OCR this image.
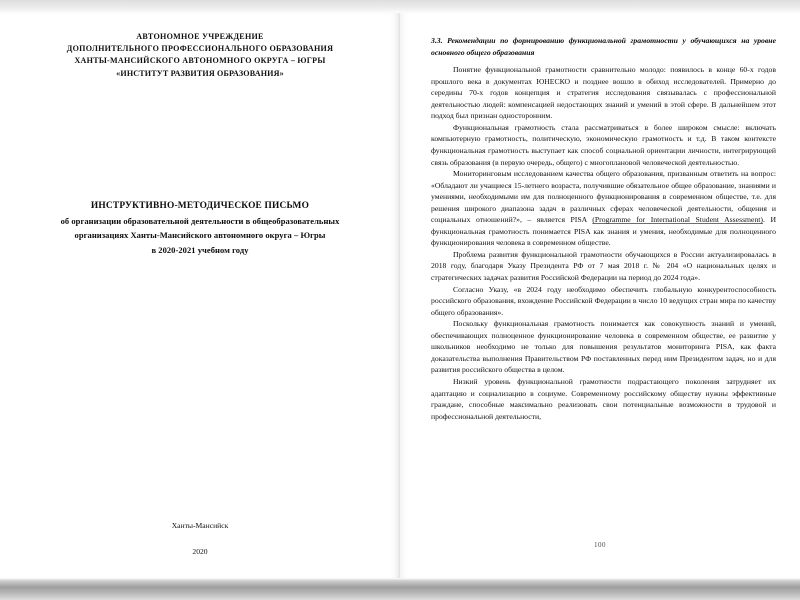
АВТОНОМНОЕ УЧРЕЖДЕНИЕ
ДОПОЛНИТЕЛЬНОГО ПРОФЕССИОНАЛЬНОГО ОБРАЗОВАНИЯ
ХАНТЫ-МАНСИЙСКОГО АВТОНОМНОГО ОКРУГА – ЮГРЫ
«ИНСТИТУТ РАЗВИТИЯ ОБРАЗОВАНИЯ»
ИНСТРУКТИВНО-МЕТОДИЧЕСКОЕ ПИСЬМО
об организации образовательной деятельности в общеобразовательных
организациях Ханты-Мансийского автономного округа – Югры
в 2020-2021 учебном году
Ханты-Мансийск
2020

3.3. Рекомендации по формированию функциональной грамотности у обучающихся на уровне основного общего образования

Понятие функциональной грамотности сравнительно молодо: появилось в конце 60-х годов прошлого века в документах ЮНЕСКО и позднее вошло в обиход исследователей. Примерно до середины 70-х годов концепция и стратегия исследования связывалась с профессиональной деятельностью людей: компенсацией недостающих знаний и умений в этой сфере. В дальнейшем этот подход был признан односторонним.

Функциональная грамотность стала рассматриваться в более широком смысле: включать компьютерную грамотность, политическую, экономическую грамотность и т.д. В таком контексте функциональная грамотность выступает как способ социальной ориентации личности, интегрирующей связь образования (в первую очередь, общего) с многоплановой человеческой деятельностью.

Мониторинговым исследованием качества общего образования, призванным ответить на вопрос: «Обладают ли учащиеся 15-летнего возраста, получившие обязательное общее образование, знаниями и умениями, необходимыми им для полноценного функционирования в современном обществе, т.е. для решения широкого диапазона задач в различных сферах человеческой деятельности, общения и социальных отношений?», – является PISA (Programme for International Student Assessment). И функциональная грамотность понимается PISA как знания и умения, необходимые для полноценного функционирования человека в современном обществе.

Проблема развития функциональной грамотности обучающихся в России актуализировалась в 2018 году, благодаря Указу Президента РФ от 7 мая 2018 г. № 204 «О национальных целях и стратегических задачах развития Российской Федерации на период до 2024 года».

Согласно Указу, «в 2024 году необходимо обеспечить глобальную конкурентоспособность российского образования, вхождение Российской Федерации в число 10 ведущих стран мира по качеству общего образования».

Поскольку функциональная грамотность понимается как совокупность знаний и умений, обеспечивающих полноценное функционирование человека в современном обществе, ее развитие у школьников необходимо не только для повышения результатов мониторинга PISA, как факта доказательства выполнения Правительством РФ поставленных перед ним Президентом задач, но и для развития российского общества в целом.

Низкий уровень функциональной грамотности подрастающего поколения затрудняет их адаптацию и социализацию в социуме. Современному российскому обществу нужны эффективные граждане, способные максимально реализовать свои потенциальные возможности в трудовой и профессиональной деятельности,

100
